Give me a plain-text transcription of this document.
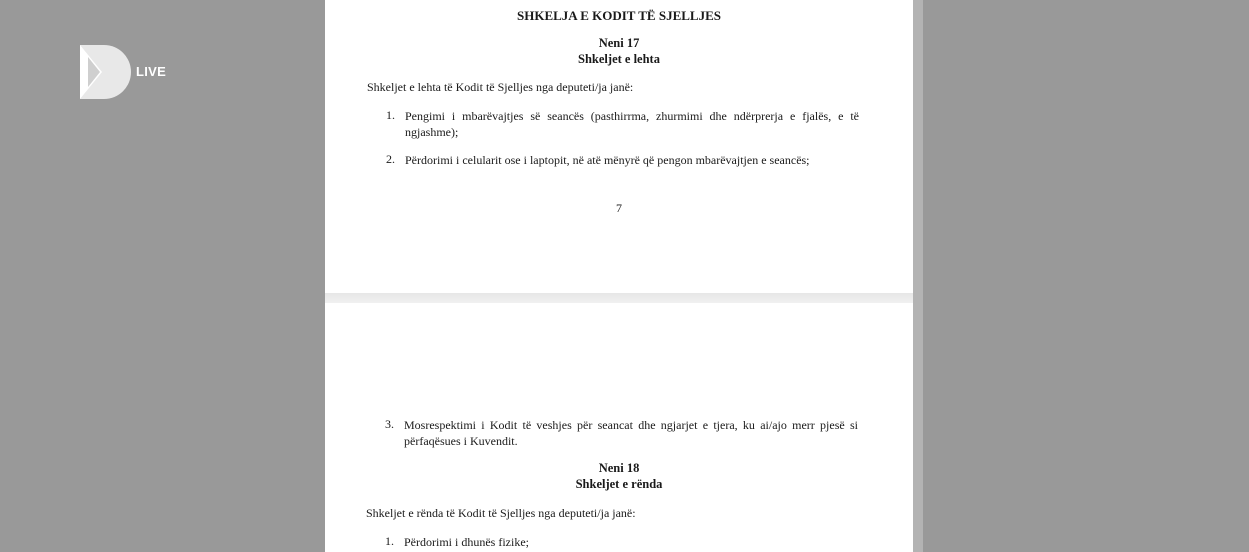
LIVE
SHKELJA E KODIT TË SJELLJES
Neni 17
Shkeljet e lehta
Shkeljet e lehta të Kodit të Sjelljes nga deputeti/ja janë:
1. Pengimi i mbarëvajtjes së seancës (pasthirrma, zhurmimi dhe ndërprerja e fjalës, e të
ngjashme);
2. Përdorimi i celularit ose i laptopit, në atë mënyrë që pengon mbarëvajtjen e seancës;
7
3. Mosrespektimi i Kodit të veshjes për seancat dhe ngjarjet e tjera, ku ai/ajo merr pjesë si
përfaqësues i Kuvendit.
Neni 18
Shkeljet e rënda
Shkeljet e rënda të Kodit të Sjelljes nga deputeti/ja janë:
1. Përdorimi i dhunës fizike;
